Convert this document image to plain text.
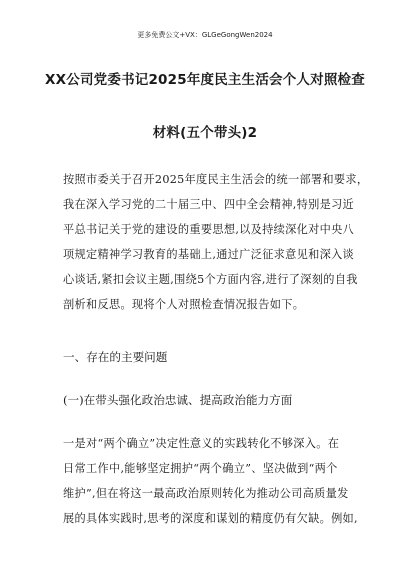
更多免费公文+VX：GLGeGongWen2024
XX公司党委书记2025年度民主生活会个人对照检查
材料(五个带头)2
按照市委关于召开2025年度民主生活会的统一部署和要求，
我在深入学习党的二十届三中、四中全会精神,特别是习近
平总书记关于党的建设的重要思想,以及持续深化对中央八
项规定精神学习教育的基础上,通过广泛征求意见和深入谈
心谈话,紧扣会议主题,围绕5个方面内容,进行了深刻的自我
剖析和反思。现将个人对照检查情况报告如下。
一、存在的主要问题
(一)在带头强化政治忠诚、提高政治能力方面
一是对“两个确立”决定性意义的实践转化不够深入。在
日常工作中,能够坚定拥护“两个确立”、坚决做到“两个
维护”,但在将这一最高政治原则转化为推动公司高质量发
展的具体实践时,思考的深度和谋划的精度仍有欠缺。例如,
